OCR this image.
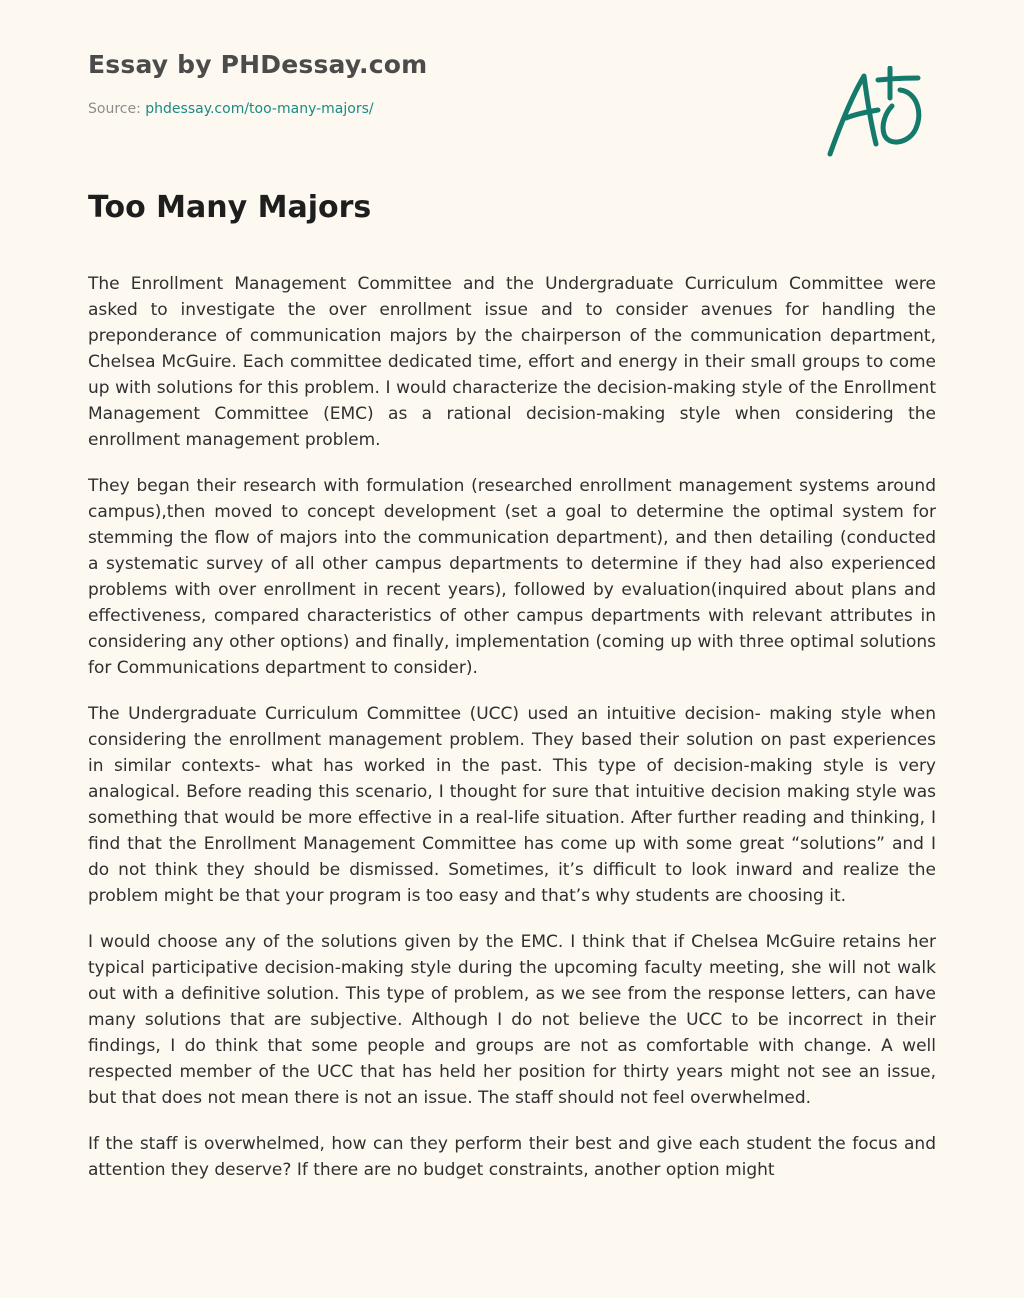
Essay by PHDessay.com
Source: phdessay.com/too-many-majors/
Too Many Majors

The Enrollment Management Committee and the Undergraduate Curriculum Committee were asked to investigate the over enrollment issue and to consider avenues for handling the preponderance of communication majors by the chairperson of the communication department, Chelsea McGuire. Each committee dedicated time, effort and energy in their small groups to come up with solutions for this problem. I would characterize the decision-making style of the Enrollment Management Committee (EMC) as a rational decision-making style when considering the enrollment management problem.

They began their research with formulation (researched enrollment management systems around campus),then moved to concept development (set a goal to determine the optimal system for stemming the flow of majors into the communication department), and then detailing (conducted a systematic survey of all other campus departments to determine if they had also experienced problems with over enrollment in recent years), followed by evaluation(inquired about plans and effectiveness, compared characteristics of other campus departments with relevant attributes in considering any other options) and finally, implementation (coming up with three optimal solutions for Communications department to consider).

The Undergraduate Curriculum Committee (UCC) used an intuitive decision- making style when considering the enrollment management problem. They based their solution on past experiences in similar contexts- what has worked in the past. This type of decision-making style is very analogical. Before reading this scenario, I thought for sure that intuitive decision making style was something that would be more effective in a real-life situation. After further reading and thinking, I find that the Enrollment Management Committee has come up with some great “solutions” and I do not think they should be dismissed. Sometimes, it’s difficult to look inward and realize the problem might be that your program is too easy and that’s why students are choosing it.

I would choose any of the solutions given by the EMC. I think that if Chelsea McGuire retains her typical participative decision-making style during the upcoming faculty meeting, she will not walk out with a definitive solution. This type of problem, as we see from the response letters, can have many solutions that are subjective. Although I do not believe the UCC to be incorrect in their findings, I do think that some people and groups are not as comfortable with change. A well respected member of the UCC that has held her position for thirty years might not see an issue, but that does not mean there is not an issue. The staff should not feel overwhelmed.

If the staff is overwhelmed, how can they perform their best and give each student the focus and attention they deserve? If there are no budget constraints, another option might
